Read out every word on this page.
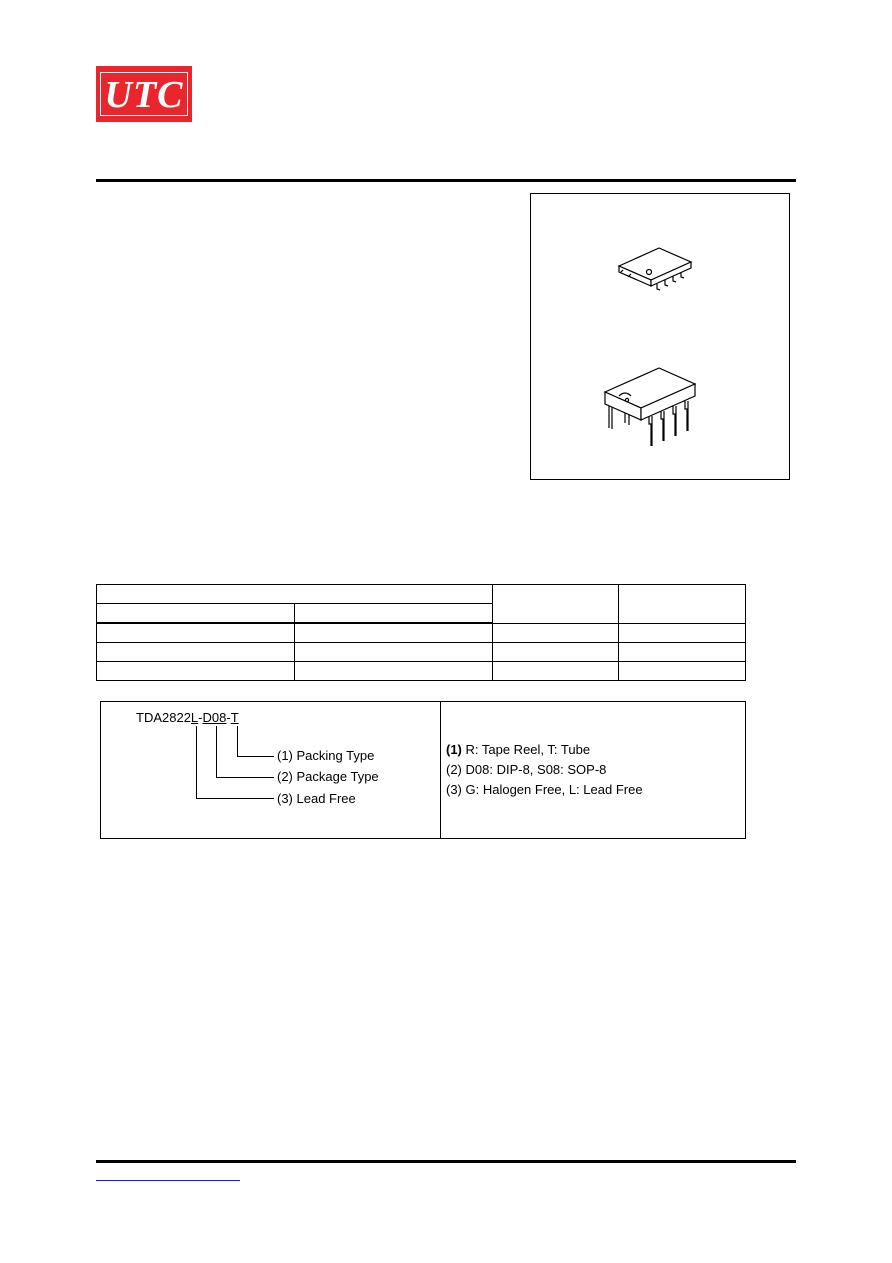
UTC

TDA2822L-D08-T
(1) Packing Type
(2) Package Type
(3) Lead Free
(1) R: Tape Reel, T: Tube
(2) D08: DIP-8, S08: SOP-8
(3) G: Halogen Free, L: Lead Free
